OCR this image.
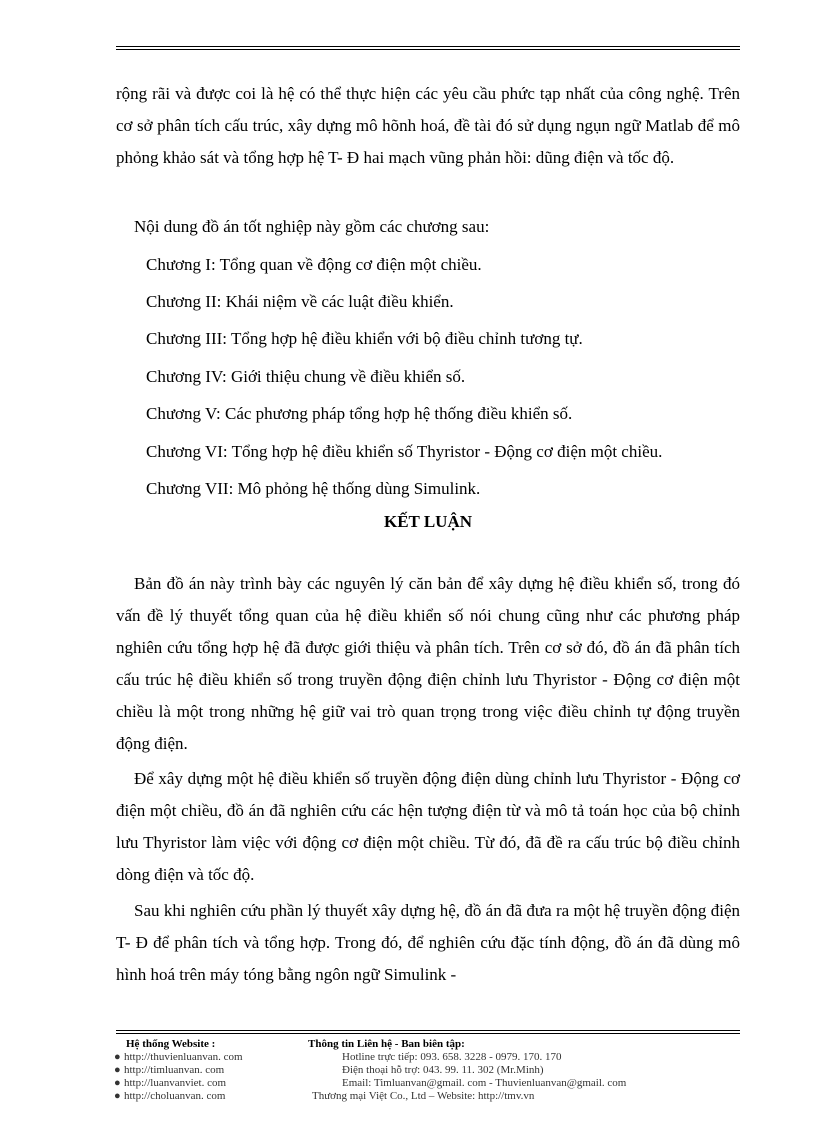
rộng rãi và được coi là hệ có thể thực hiện các yêu cầu phức tạp nhất của công nghệ. Trên cơ sở phân tích cấu trúc, xây dựng mô hõnh hoá, đề tài đó sử dụng ngụn ngữ Matlab để mô phỏng khảo sát và tổng hợp hệ T- Đ hai mạch vũng phản hồi: dũng điện và tốc độ.

Nội dung đồ án tốt nghiệp này gồm các chương sau:
Chương I: Tổng quan về động cơ điện một chiều.
Chương II: Khái niệm về các luật điều khiển.
Chương III: Tổng hợp hệ điều khiển với bộ điều chỉnh tương tự.
Chương IV: Giới thiệu chung về điều khiển số.
Chương V: Các phương pháp tổng hợp hệ thống điều khiển số.
Chương VI: Tổng hợp hệ điều khiển số Thyristor - Động cơ điện một chiều.
Chương VII: Mô phỏng hệ thống dùng Simulink.
KẾT LUẬN

Bản đồ án này trình bày các nguyên lý căn bản để xây dựng hệ điều khiển số, trong đó vấn đề lý thuyết tổng quan của hệ điều khiển số nói chung cũng như các phương pháp nghiên cứu tổng hợp hệ đã được giới thiệu và phân tích. Trên cơ sở đó, đồ án đã phân tích cấu trúc hệ điều khiển số trong truyền động điện chỉnh lưu Thyristor - Động cơ điện một chiều là một trong những hệ giữ vai trò quan trọng trong việc điều chỉnh tự động truyền động điện.

Để xây dựng một hệ điều khiển số truyền động điện dùng chỉnh lưu Thyristor - Động cơ điện một chiều, đồ án đã nghiên cứu các hện tượng điện từ và mô tả toán học của bộ chỉnh lưu Thyristor làm việc với động cơ điện một chiều. Từ đó, đã đề ra cấu trúc bộ điều chỉnh dòng điện và tốc độ.

Sau khi nghiên cứu phần lý thuyết xây dựng hệ, đồ án đã đưa ra một hệ truyền động điện T- Đ để phân tích và tổng hợp. Trong đó, để nghiên cứu đặc tính động, đồ án đã dùng mô hình hoá trên máy tóng bằng ngôn ngữ Simulink -

Hệ thống Website :
● http://thuvienluanvan. com
● http://timluanvan. com
● http://luanvanviet. com
● http://choluanvan. com
Thông tin Liên hệ - Ban biên tập:
Hotline trực tiếp: 093. 658. 3228 - 0979. 170. 170
Điện thoại hỗ trợ: 043. 99. 11. 302 (Mr.Minh)
Email: Timluanvan@gmail. com - Thuvienluanvan@gmail. com
Thương mại Việt Co., Ltd – Website: http://tmv.vn
